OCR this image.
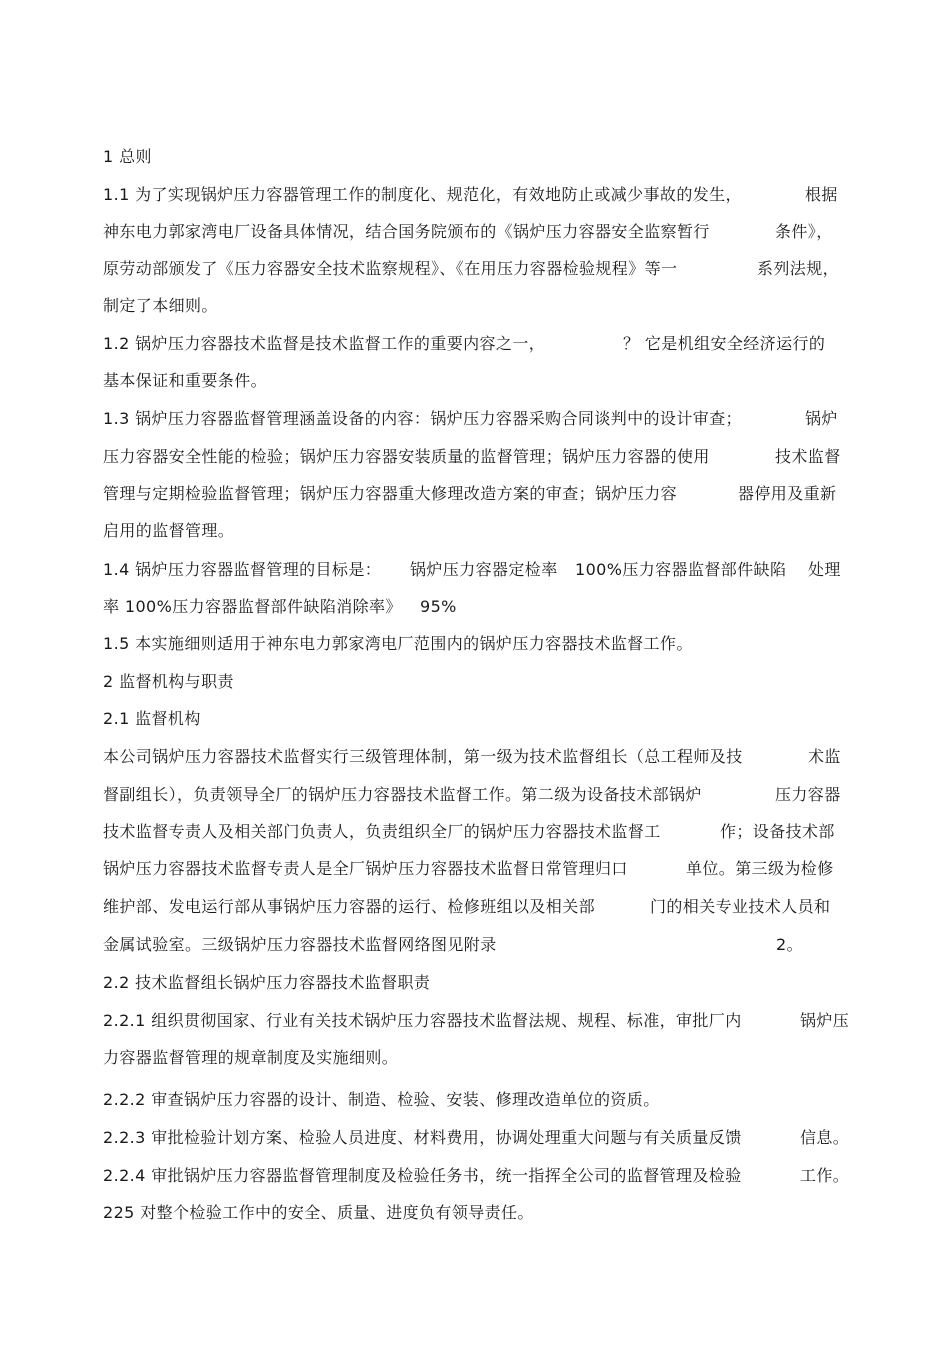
1 总则
1.1 为了实现锅炉压力容器管理工作的制度化、规范化，有效地防止或减少事故的发生，	根据
神东电力郭家湾电厂设备具体情况，结合国务院颁布的《锅炉压力容器安全监察暂行	条件》，
原劳动部颁发了《压力容器安全技术监察规程》、《在用压力容器检验规程》等一	系列法规，
制定了本细则。
1.2 锅炉压力容器技术监督是技术监督工作的重要内容之一，	？ 它是机组安全经济运行的
基本保证和重要条件。
1.3 锅炉压力容器监督管理涵盖设备的内容：锅炉压力容器采购合同谈判中的设计审查；	锅炉
压力容器安全性能的检验；锅炉压力容器安装质量的监督管理；锅炉压力容器的使用	技术监督
管理与定期检验监督管理；锅炉压力容器重大修理改造方案的审查；锅炉压力容	器停用及重新
启用的监督管理。
1.4 锅炉压力容器监督管理的目标是： 锅炉压力容器定检率 100%压力容器监督部件缺陷 处理
率 100%压力容器监督部件缺陷消除率》 95%
1.5 本实施细则适用于神东电力郭家湾电厂范围内的锅炉压力容器技术监督工作。
2 监督机构与职责
2.1 监督机构
本公司锅炉压力容器技术监督实行三级管理体制，第一级为技术监督组长（总工程师及技	术监
督副组长），负责领导全厂的锅炉压力容器技术监督工作。第二级为设备技术部锅炉	压力容器
技术监督专责人及相关部门负责人，负责组织全厂的锅炉压力容器技术监督工	作；设备技术部
锅炉压力容器技术监督专责人是全厂锅炉压力容器技术监督日常管理归口	单位。第三级为检修
维护部、发电运行部从事锅炉压力容器的运行、检修班组以及相关部	门的相关专业技术人员和
金属试验室。三级锅炉压力容器技术监督网络图见附录	2。
2.2 技术监督组长锅炉压力容器技术监督职责
2.2.1 组织贯彻国家、行业有关技术锅炉压力容器技术监督法规、规程、标准，审批厂内	锅炉压
力容器监督管理的规章制度及实施细则。
2.2.2 审查锅炉压力容器的设计、制造、检验、安装、修理改造单位的资质。
2.2.3 审批检验计划方案、检验人员进度、材料费用，协调处理重大问题与有关质量反馈	信息。
2.2.4 审批锅炉压力容器监督管理制度及检验任务书，统一指挥全公司的监督管理及检验	工作。
225 对整个检验工作中的安全、质量、进度负有领导责任。
